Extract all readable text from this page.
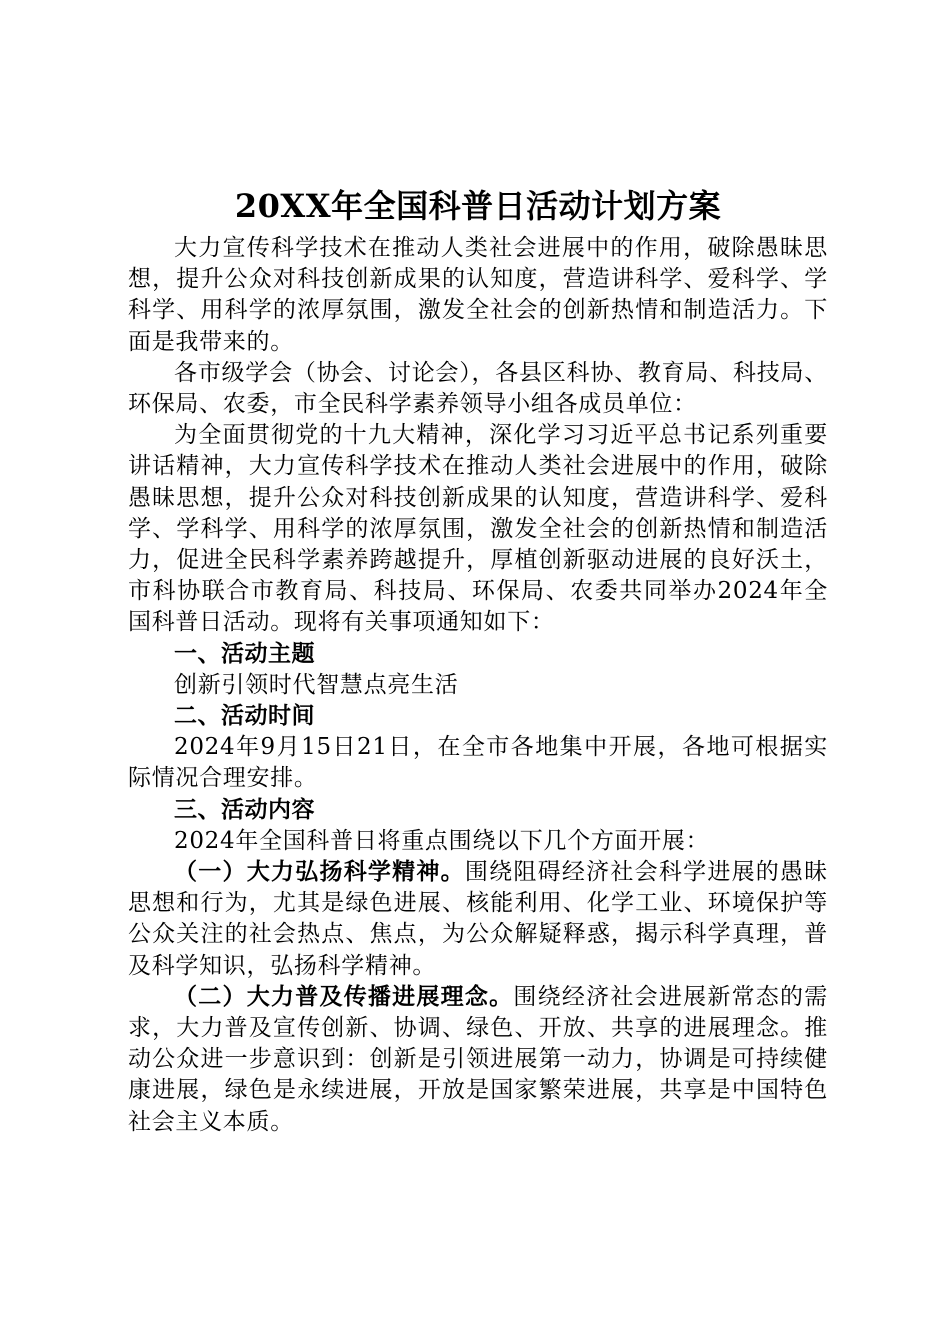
20XX年全国科普日活动计划方案

大力宣传科学技术在推动人类社会进展中的作用，破除愚昧思想，提升公众对科技创新成果的认知度，营造讲科学、爱科学、学科学、用科学的浓厚氛围，激发全社会的创新热情和制造活力。下面是我带来的。

各市级学会（协会、讨论会），各县区科协、教育局、科技局、环保局、农委，市全民科学素养领导小组各成员单位：

为全面贯彻党的十九大精神，深化学习习近平总书记系列重要讲话精神，大力宣传科学技术在推动人类社会进展中的作用，破除愚昧思想，提升公众对科技创新成果的认知度，营造讲科学、爱科学、学科学、用科学的浓厚氛围，激发全社会的创新热情和制造活力，促进全民科学素养跨越提升，厚植创新驱动进展的良好沃土，市科协联合市教育局、科技局、环保局、农委共同举办2024年全国科普日活动。现将有关事项通知如下：

一、活动主题

创新引领时代智慧点亮生活

二、活动时间

2024年9月15日21日，在全市各地集中开展，各地可根据实际情况合理安排。

三、活动内容

2024年全国科普日将重点围绕以下几个方面开展：

（一）大力弘扬科学精神。围绕阻碍经济社会科学进展的愚昧思想和行为，尤其是绿色进展、核能利用、化学工业、环境保护等公众关注的社会热点、焦点，为公众解疑释惑，揭示科学真理，普及科学知识，弘扬科学精神。

（二）大力普及传播进展理念。围绕经济社会进展新常态的需求，大力普及宣传创新、协调、绿色、开放、共享的进展理念。推动公众进一步意识到：创新是引领进展第一动力，协调是可持续健康进展，绿色是永续进展，开放是国家繁荣进展，共享是中国特色社会主义本质。
